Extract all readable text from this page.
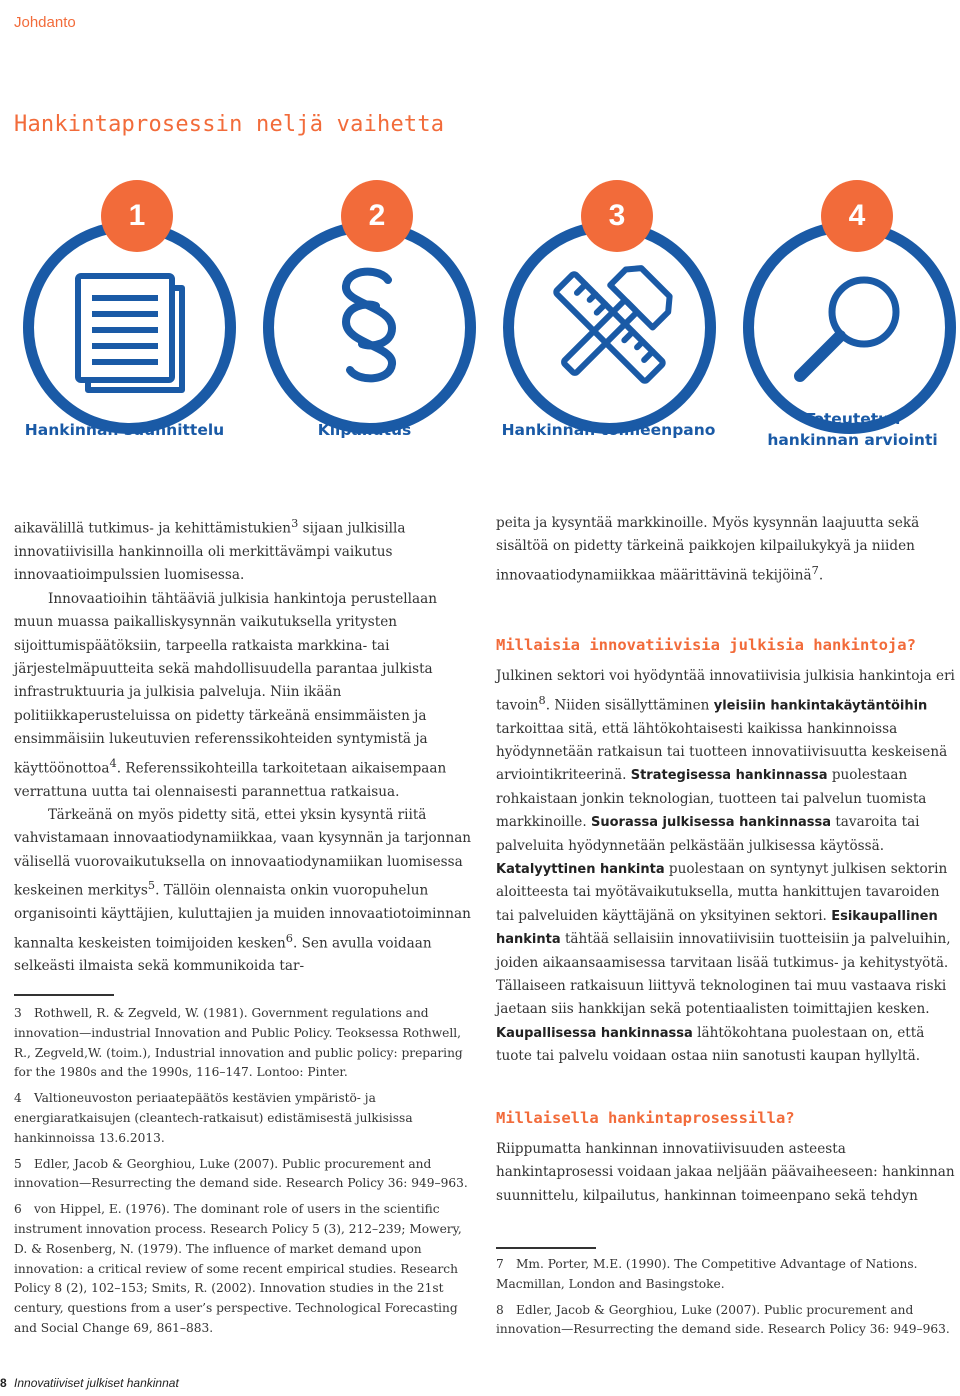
Johdanto
Hankintaprosessin neljä vaihetta
1	2	3	4
Hankinnan suunnittelu	Kilpailutus	Hankinnan toimeenpano
Toteutetun
hankinnan arviointi

aikavälillä tutkimus- ja kehittämistukien$^3$ sijaan julkisilla innovatiivisilla hankinnoilla oli merkittävämpi vaikutus innovaatioimpulssien luomisessa.

Innovaatioihin tähtääviä julkisia hankintoja perustellaan muun muassa paikalliskysynnän vaikutuksella yritysten sijoittumispäätöksiin, tarpeella ratkaista markkina- tai järjestelmäpuutteita sekä mahdollisuudella parantaa julkista infrastruktuuria ja julkisia palveluja. Niin ikään politiikkaperusteluissa on pidetty tärkeänä ensimmäisten ja ensimmäisiin lukeutuvien referenssikohteiden syntymistä ja käyttöönottoa$^4$. Referenssikohteilla tarkoitetaan aikaisempaan verrattuna uutta tai olennaisesti parannettua ratkaisua.

Tärkeänä on myös pidetty sitä, ettei yksin kysyntä riitä vahvistamaan innovaatiodynamiikkaa, vaan kysynnän ja tarjonnan välisellä vuorovaikutuksella on innovaatiodynamiikan luomisessa keskeinen merkitys$^5$. Tällöin olennaista onkin vuoropuhelun organisointi käyttäjien, kuluttajien ja muiden innovaatiotoiminnan kannalta keskeisten toimijoiden kesken$^6$. Sen avulla voidaan selkeästi ilmaista sekä kommunikoida tar-

3 Rothwell, R. & Zegveld, W. (1981). Government regulations and innovation—industrial Innovation and Public Policy. Teoksessa Rothwell, R., Zegveld,W. (toim.), Industrial innovation and public policy: preparing for the 1980s and the 1990s, 116–147. Lontoo: Pinter.

4 Valtioneuvoston periaatepäätös kestävien ympäristö- ja energiaratkaisujen (cleantech-ratkaisut) edistämisestä julkisissa hankinnoissa 13.6.2013.

5 Edler, Jacob & Georghiou, Luke (2007). Public procurement and innovation—Resurrecting the demand side. Research Policy 36: 949–963.

6 von Hippel, E. (1976). The dominant role of users in the scientific instrument innovation process. Research Policy 5 (3), 212–239; Mowery, D. & Rosenberg, N. (1979). The influence of market demand upon innovation: a critical review of some recent empirical studies. Research Policy 8 (2), 102–153; Smits, R. (2002). Innovation studies in the 21st century, questions from a user’s perspective. Technological Forecasting and Social Change 69, 861–883.

peita ja kysyntää markkinoille. Myös kysynnän laajuutta sekä sisältöä on pidetty tärkeinä paikkojen kilpailukykyä ja niiden innovaatiodynamiikkaa määrittävinä tekijöinä$^7$.

Millaisia innovatiivisia julkisia hankintoja?

Julkinen sektori voi hyödyntää innovatiivisia julkisia hankintoja eri tavoin$^8$. Niiden sisällyttäminen yleisiin hankintakäytäntöihin tarkoittaa sitä, että lähtökohtaisesti kaikissa hankinnoissa hyödynnetään ratkaisun tai tuotteen innovatiivisuutta keskeisenä arviointikriteerinä. Strategisessa hankinnassa puolestaan rohkaistaan jonkin teknologian, tuotteen tai palvelun tuomista markkinoille. Suorassa julkisessa hankinnassa tavaroita tai palveluita hyödynnetään pelkästään julkisessa käytössä. Katalyyttinen hankinta puolestaan on syntynyt julkisen sektorin aloitteesta tai myötävaikutuksella, mutta hankittujen tavaroiden tai palveluiden käyttäjänä on yksityinen sektori. Esikaupallinen hankinta tähtää sellaisiin innovatiivisiin tuotteisiin ja palveluihin, joiden aikaansaamisessa tarvitaan lisää tutkimus- ja kehitystyötä. Tällaiseen ratkaisuun liittyvä teknologinen tai muu vastaava riski jaetaan siis hankkijan sekä potentiaalisten toimittajien kesken. Kaupallisessa hankinnassa lähtökohtana puolestaan on, että tuote tai palvelu voidaan ostaa niin sanotusti kaupan hyllyltä.

Millaisella hankintaprosessilla?

Riippumatta hankinnan innovatiivisuuden asteesta hankintaprosessi voidaan jakaa neljään päävaiheeseen: hankinnan suunnittelu, kilpailutus, hankinnan toimeenpano sekä tehdyn

7 Mm. Porter, M.E. (1990). The Competitive Advantage of Nations. Macmillan, London and Basingstoke.

8 Edler, Jacob & Georghiou, Luke (2007). Public procurement and innovation—Resurrecting the demand side. Research Policy 36: 949–963.

8 Innovatiiviset julkiset hankinnat
